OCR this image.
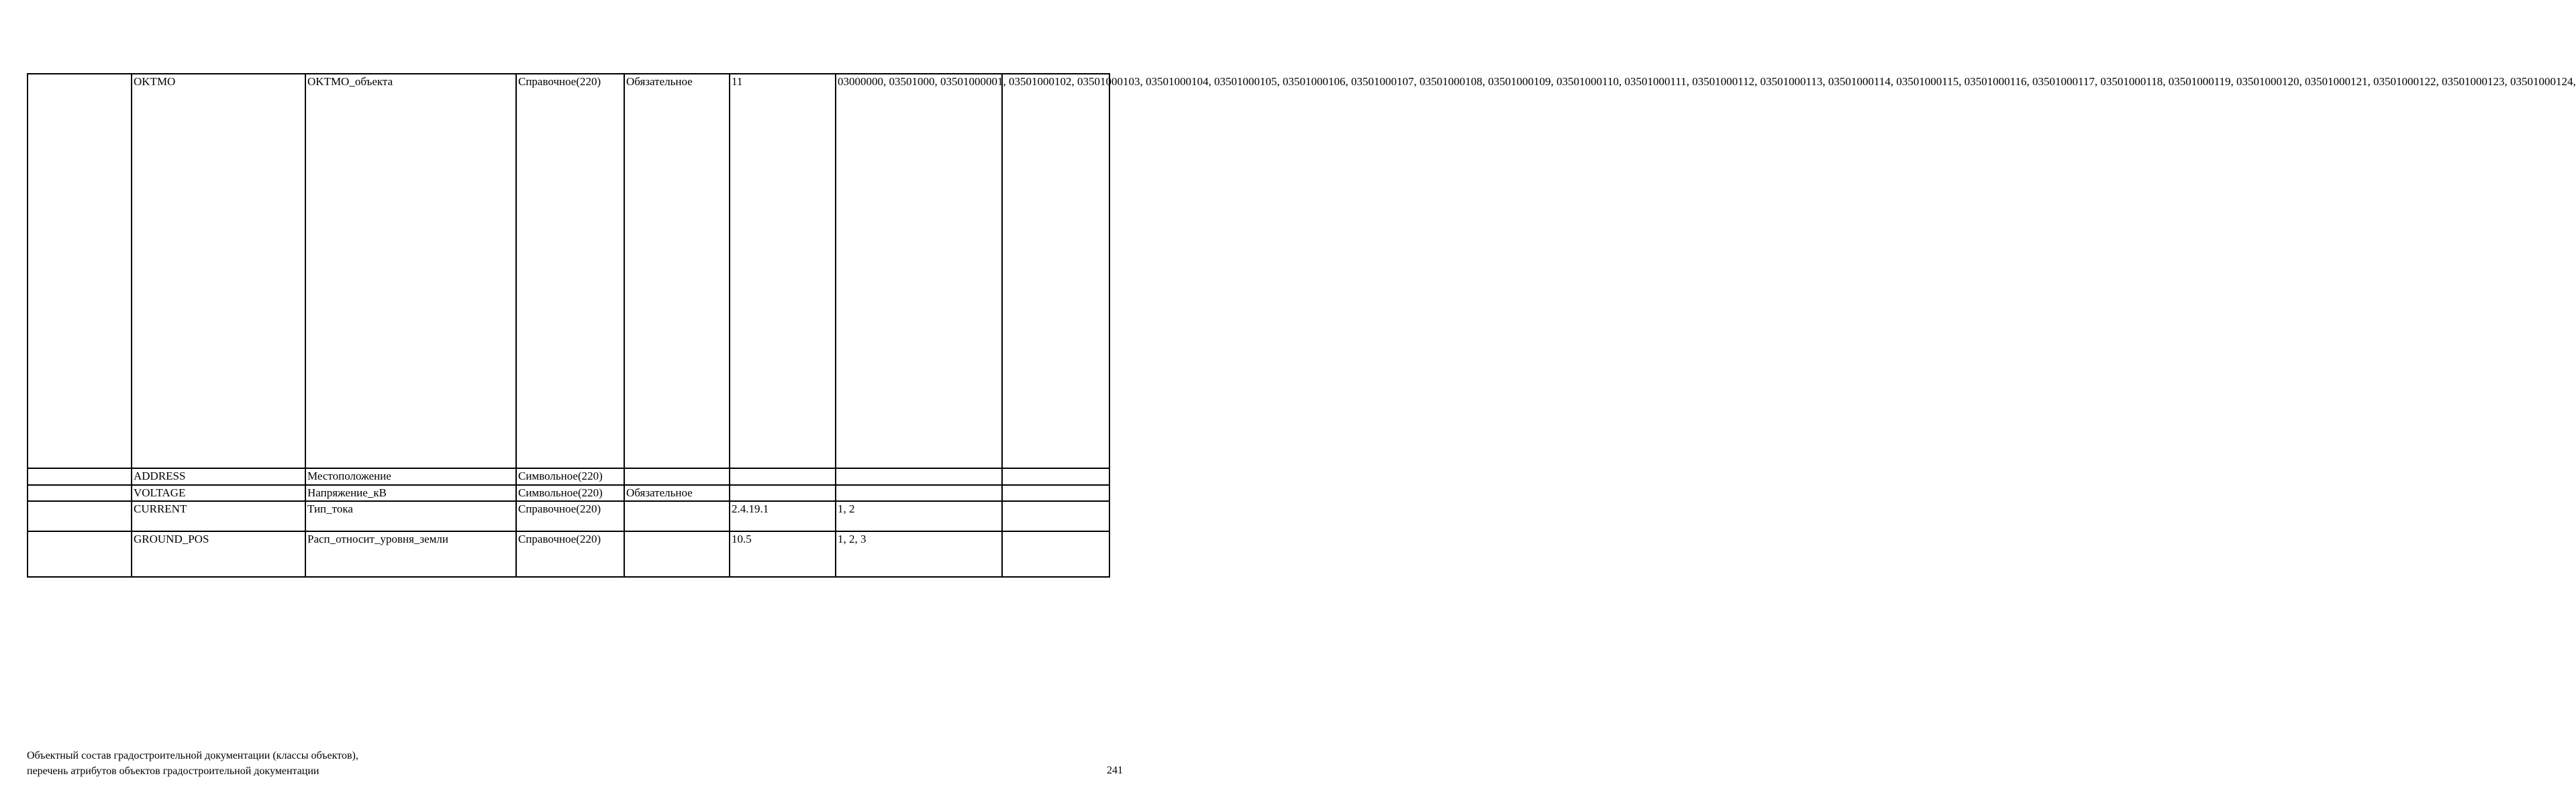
	OKTMO	OKTMO_объекта	Справочное(220)	Обязательное	11	03000000, 03501000, 03501000001, 03501000102, 03501000103, 03501000104, 03501000105, 03501000106, 03501000107, 03501000108, 03501000109, 03501000110, 03501000111, 03501000112, 03501000113, 03501000114, 03501000115, 03501000116, 03501000117, 03501000118, 03501000119, 03501000120, 03501000121, 03501000122, 03501000123, 03501000124,	
	ADDRESS	Местоположение	Символьное(220)				
	VOLTAGE	Напряжение_кВ	Символьное(220)	Обязательное			
	CURRENT	Тип_тока	Справочное(220)		2.4.19.1	1, 2	
	GROUND_POS	Расп_относит_уровня_земли	Справочное(220)		10.5	1, 2, 3	
Объектный состав градостроительной документации (классы объектов),
перечень атрибутов объектов градостроительной документации	241
